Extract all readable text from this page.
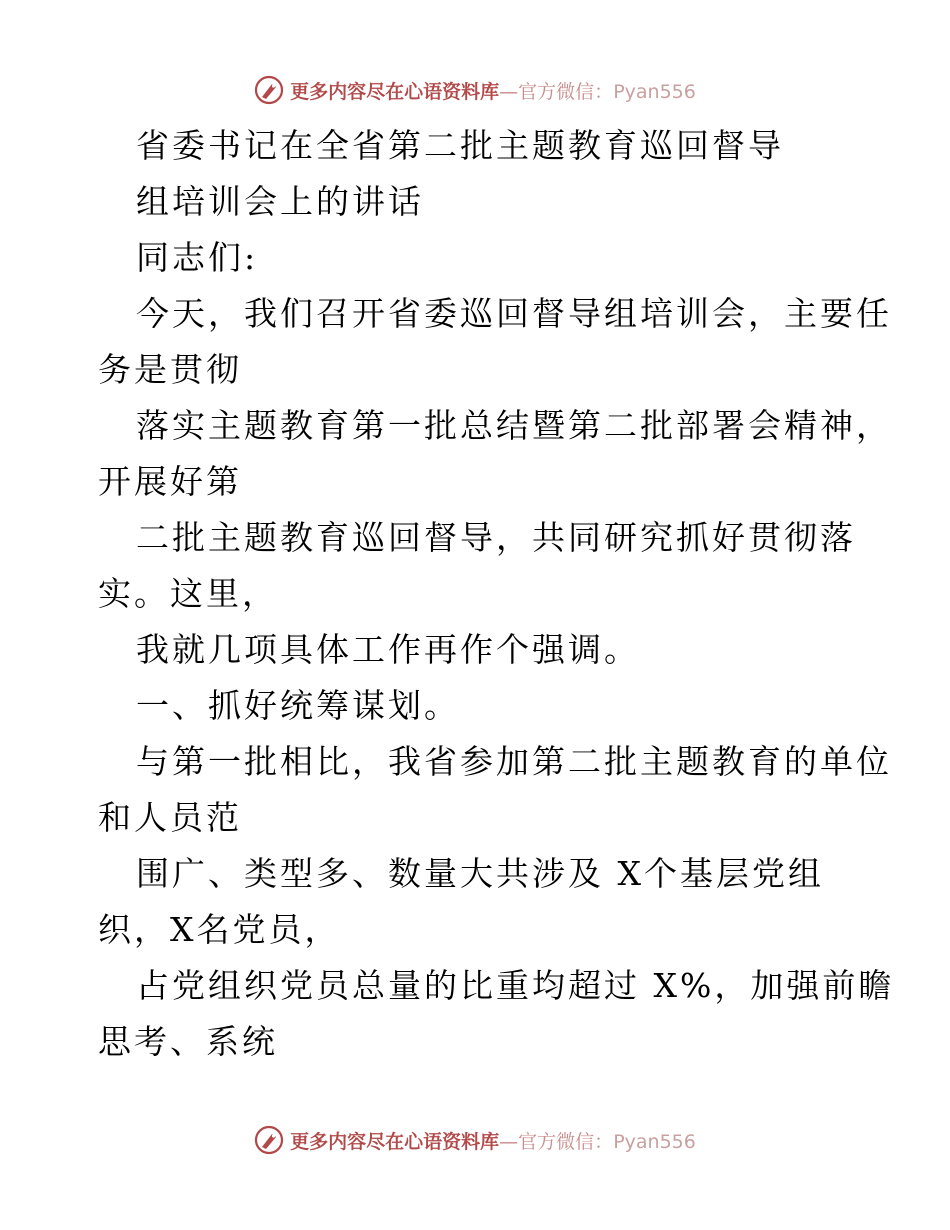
更多内容尽在心语资料库—官方微信：Pyan556
省委书记在全省第二批主题教育巡回督导
组培训会上的讲话
同志们:
今天，我们召开省委巡回督导组培训会，主要任
务是贯彻
落实主题教育第一批总结暨第二批部署会精神，
开展好第
二批主题教育巡回督导，共同研究抓好贯彻落
实。这里，
我就几项具体工作再作个强调。
一、抓好统筹谋划。
与第一批相比，我省参加第二批主题教育的单位
和人员范
围广、类型多、数量大共涉及 X个基层党组
织，X名党员，
占党组织党员总量的比重均超过 X%，加强前瞻
思考、系统
更多内容尽在心语资料库—官方微信：Pyan556
